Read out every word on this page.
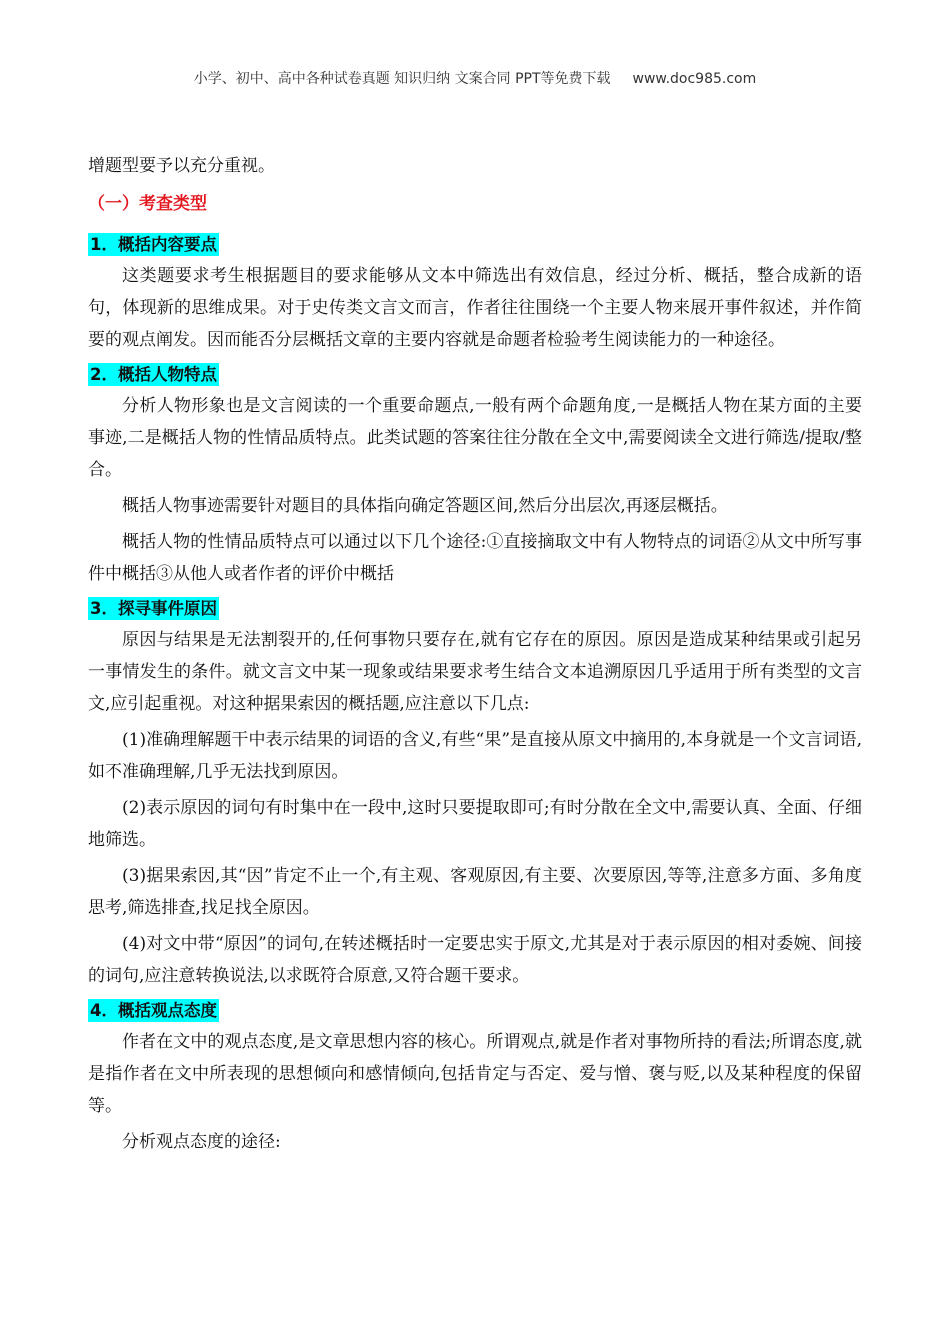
小学、初中、高中各种试卷真题 知识归纳 文案合同 PPT等免费下载 www.doc985.com

增题型要予以充分重视。

（一）考查类型
1．概括内容要点

这类题要求考生根据题目的要求能够从文本中筛选出有效信息，经过分析、概括，整合成新的语句，体现新的思维成果。对于史传类文言文而言，作者往往围绕一个主要人物来展开事件叙述，并作简要的观点阐发。因而能否分层概括文章的主要内容就是命题者检验考生阅读能力的一种途径。

2．概括人物特点

分析人物形象也是文言阅读的一个重要命题点,一般有两个命题角度,一是概括人物在某方面的主要事迹,二是概括人物的性情品质特点。此类试题的答案往往分散在全文中,需要阅读全文进行筛选/提取/整合。

概括人物事迹需要针对题目的具体指向确定答题区间,然后分出层次,再逐层概括。

概括人物的性情品质特点可以通过以下几个途径:①直接摘取文中有人物特点的词语②从文中所写事件中概括③从他人或者作者的评价中概括

3．探寻事件原因

原因与结果是无法割裂开的,任何事物只要存在,就有它存在的原因。原因是造成某种结果或引起另一事情发生的条件。就文言文中某一现象或结果要求考生结合文本追溯原因几乎适用于所有类型的文言文,应引起重视。对这种据果索因的概括题,应注意以下几点:

(1)准确理解题干中表示结果的词语的含义,有些“果”是直接从原文中摘用的,本身就是一个文言词语,如不准确理解,几乎无法找到原因。

(2)表示原因的词句有时集中在一段中,这时只要提取即可;有时分散在全文中,需要认真、全面、仔细地筛选。

(3)据果索因,其“因”肯定不止一个,有主观、客观原因,有主要、次要原因,等等,注意多方面、多角度思考,筛选排查,找足找全原因。

(4)对文中带“原因”的词句,在转述概括时一定要忠实于原文,尤其是对于表示原因的相对委婉、间接的词句,应注意转换说法,以求既符合原意,又符合题干要求。

4．概括观点态度

作者在文中的观点态度,是文章思想内容的核心。所谓观点,就是作者对事物所持的看法;所谓态度,就是指作者在文中所表现的思想倾向和感情倾向,包括肯定与否定、爱与憎、褒与贬,以及某种程度的保留等。

分析观点态度的途径:
